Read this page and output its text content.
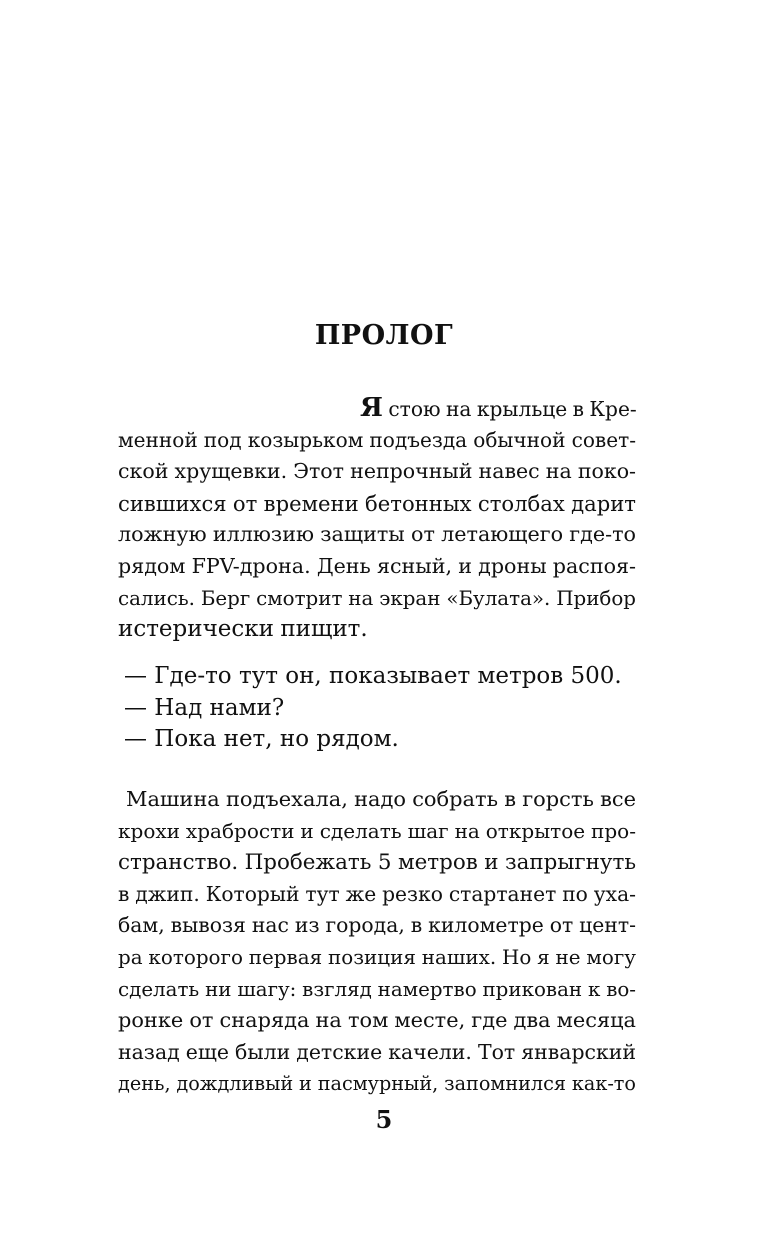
ПРОЛОГ
Я стою на крыльце в Кре-
менной под козырьком подъезда обычной совет-
ской хрущевки. Этот непрочный навес на поко-
сившихся от времени бетонных столбах дарит
ложную иллюзию защиты от летающего где-то
рядом FPV-дрона. День ясный, и дроны распоя-
сались. Берг смотрит на экран «Булата». Прибор
истерически пищит.
— Где-то тут он, показывает метров 500.
— Над нами?
— Пока нет, но рядом.
Машина подъехала, надо собрать в горсть все
крохи храбрости и сделать шаг на открытое про-
странство. Пробежать 5 метров и запрыгнуть
в джип. Который тут же резко стартанет по уха-
бам, вывозя нас из города, в километре от цент-
ра которого первая позиция наших. Но я не могу
сделать ни шагу: взгляд намертво прикован к во-
ронке от снаряда на том месте, где два месяца
назад еще были детские качели. Тот январский
день, дождливый и пасмурный, запомнился как-то
5
